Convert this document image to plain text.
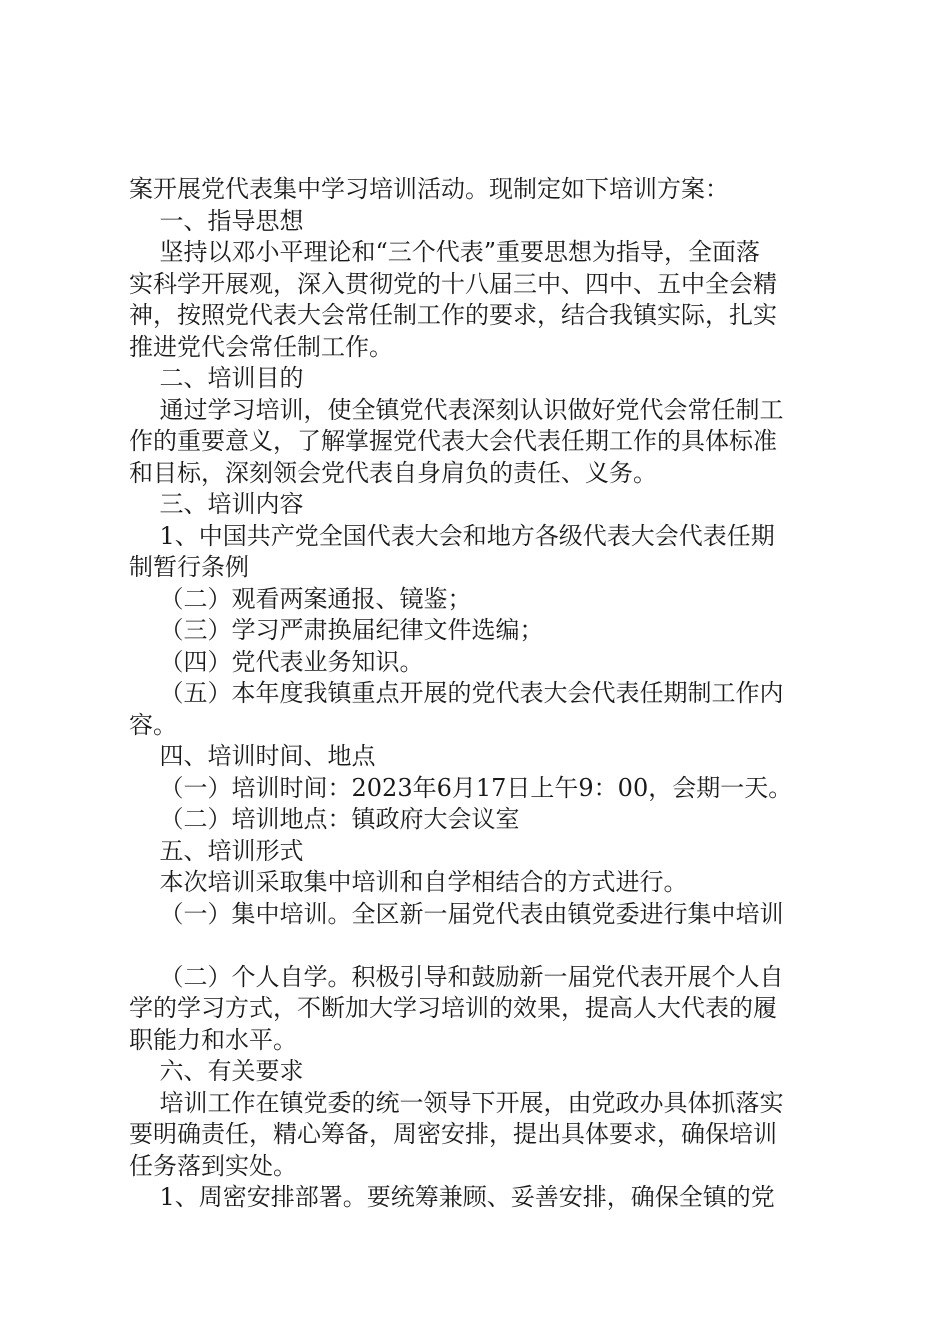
案开展党代表集中学习培训活动。现制定如下培训方案：
一、指导思想
坚持以邓小平理论和“三个代表”重要思想为指导，全面落
实科学开展观，深入贯彻党的十八届三中、四中、五中全会精
神，按照党代表大会常任制工作的要求，结合我镇实际，扎实
推进党代会常任制工作。
二、培训目的
通过学习培训，使全镇党代表深刻认识做好党代会常任制工
作的重要意义，了解掌握党代表大会代表任期工作的具体标准
和目标，深刻领会党代表自身肩负的责任、义务。
三、培训内容
1、中国共产党全国代表大会和地方各级代表大会代表任期
制暂行条例
（二）观看两案通报、镜鉴；
（三）学习严肃换届纪律文件选编；
（四）党代表业务知识。
（五）本年度我镇重点开展的党代表大会代表任期制工作内
容。
四、培训时间、地点
（一）培训时间：2023年6月17日上午9：00，会期一天。
（二）培训地点：镇政府大会议室
五、培训形式
本次培训采取集中培训和自学相结合的方式进行。
（一）集中培训。全区新一届党代表由镇党委进行集中培训
（二）个人自学。积极引导和鼓励新一届党代表开展个人自
学的学习方式，不断加大学习培训的效果，提高人大代表的履
职能力和水平。
六、有关要求
培训工作在镇党委的统一领导下开展，由党政办具体抓落实
要明确责任，精心筹备，周密安排，提出具体要求，确保培训
任务落到实处。
1、周密安排部署。要统筹兼顾、妥善安排，确保全镇的党
